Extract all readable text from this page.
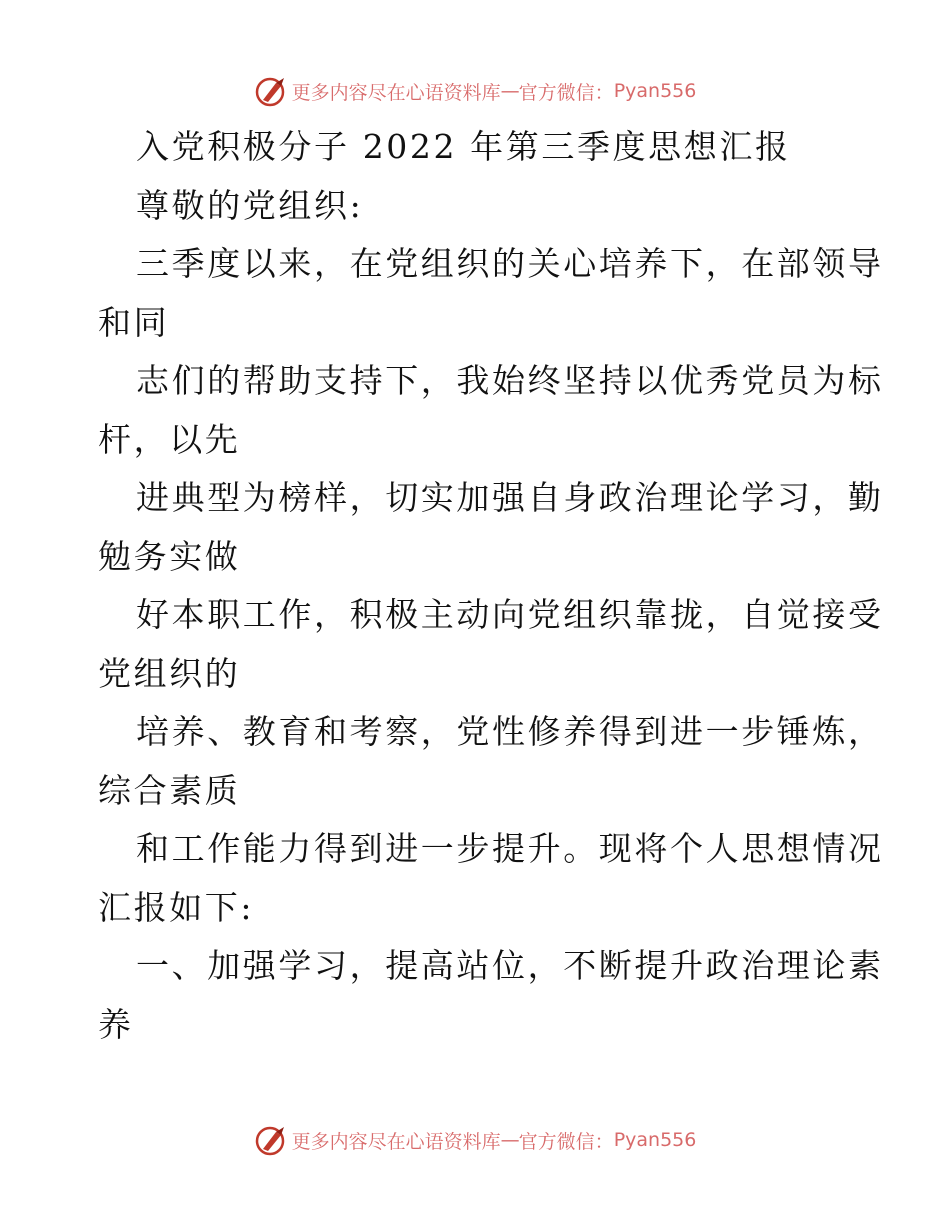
更多内容尽在心语资料库 — 官方微信： Pyan556
入党积极分子 2022 年第三季度思想汇报
尊敬的党组织:
三季度以来，在党组织的关心培养下，在部领导
和同
志们的帮助支持下，我始终坚持以优秀党员为标
杆，以先
进典型为榜样，切实加强自身政治理论学习，勤
勉务实做
好本职工作，积极主动向党组织靠拢，自觉接受
党组织的
培养、教育和考察，党性修养得到进一步锤炼，
综合素质
和工作能力得到进一步提升。现将个人思想情况
汇报如下:
一、加强学习，提高站位，不断提升政治理论素
养
更多内容尽在心语资料库 — 官方微信： Pyan556
